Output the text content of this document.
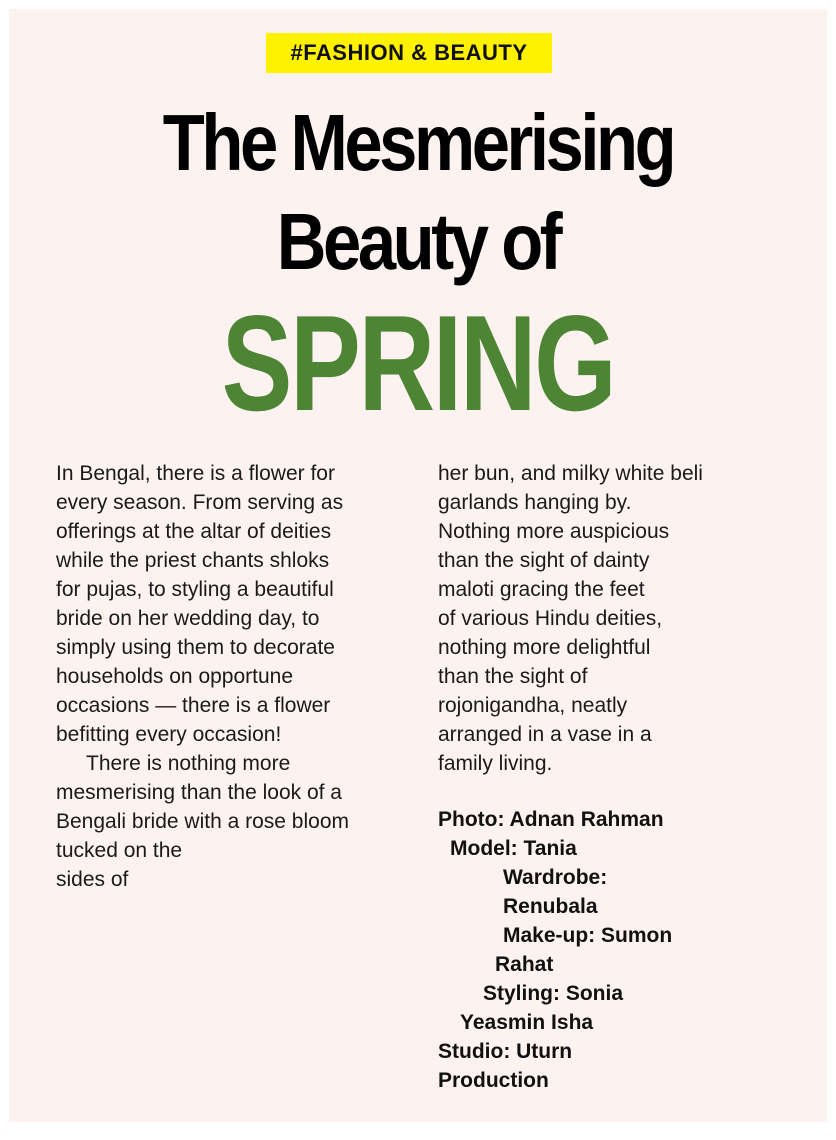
#FASHION & BEAUTY
The Mesmerising
Beauty of
SPRING

In Bengal, there is a flower for
every season. From serving as
offerings at the altar of deities
while the priest chants shloks
for pujas, to styling a beautiful
bride on her wedding day, to
simply using them to decorate
households on opportune
occasions — there is a flower
befitting every occasion!

There is nothing more
mesmerising than the look of a
Bengali bride with a rose bloom
tucked on the
sides of

her bun, and milky white beli
garlands hanging by.
Nothing more auspicious
than the sight of dainty
maloti gracing the feet
of various Hindu deities,
nothing more delightful
than the sight of
rojonigandha, neatly
arranged in a vase in a
family living.

Photo: Adnan Rahman
Model: Tania
Wardrobe:
Renubala
Make-up: Sumon
Rahat
Styling: Sonia
Yeasmin Isha
Studio: Uturn
Production
